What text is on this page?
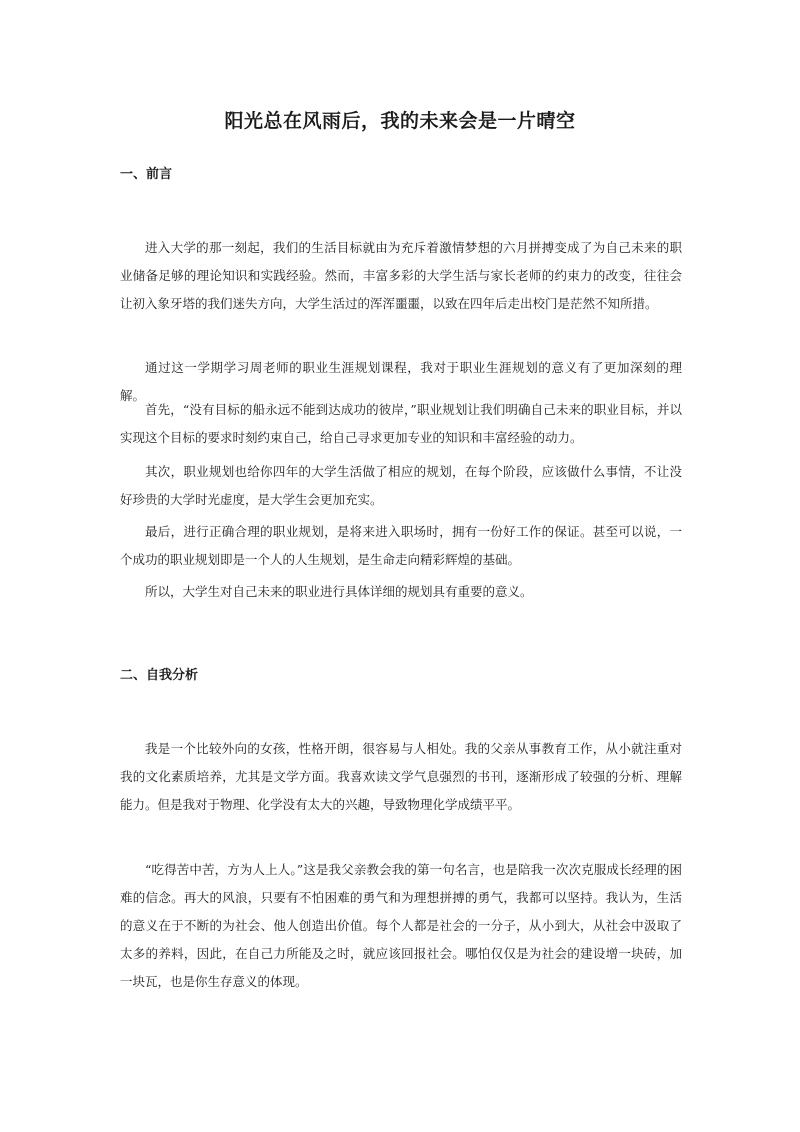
阳光总在风雨后，我的未来会是一片晴空
一、前言

进入大学的那一刻起，我们的生活目标就由为充斥着激情梦想的六月拼搏变成了为自己未来的职业储备足够的理论知识和实践经验。然而，丰富多彩的大学生活与家长老师的约束力的改变，往往会让初入象牙塔的我们迷失方向，大学生活过的浑浑噩噩，以致在四年后走出校门是茫然不知所措。

通过这一学期学习周老师的职业生涯规划课程，我对于职业生涯规划的意义有了更加深刻的理解。

首先，“没有目标的船永远不能到达成功的彼岸，”职业规划让我们明确自己未来的职业目标，并以实现这个目标的要求时刻约束自己，给自己寻求更加专业的知识和丰富经验的动力。

其次，职业规划也给你四年的大学生活做了相应的规划，在每个阶段，应该做什么事情，不让没好珍贵的大学时光虚度，是大学生会更加充实。

最后，进行正确合理的职业规划，是将来进入职场时，拥有一份好工作的保证。甚至可以说，一个成功的职业规划即是一个人的人生规划，是生命走向精彩辉煌的基础。

所以，大学生对自己未来的职业进行具体详细的规划具有重要的意义。

二、自我分析

我是一个比较外向的女孩，性格开朗，很容易与人相处。我的父亲从事教育工作，从小就注重对我的文化素质培养，尤其是文学方面。我喜欢读文学气息强烈的书刊，逐渐形成了较强的分析、理解能力。但是我对于物理、化学没有太大的兴趣，导致物理化学成绩平平。

“吃得苦中苦，方为人上人。”这是我父亲教会我的第一句名言，也是陪我一次次克服成长经理的困难的信念。再大的风浪，只要有不怕困难的勇气和为理想拼搏的勇气，我都可以坚持。我认为，生活的意义在于不断的为社会、他人创造出价值。每个人都是社会的一分子，从小到大，从社会中汲取了太多的养料，因此，在自己力所能及之时，就应该回报社会。哪怕仅仅是为社会的建设增一块砖，加一块瓦，也是你生存意义的体现。
